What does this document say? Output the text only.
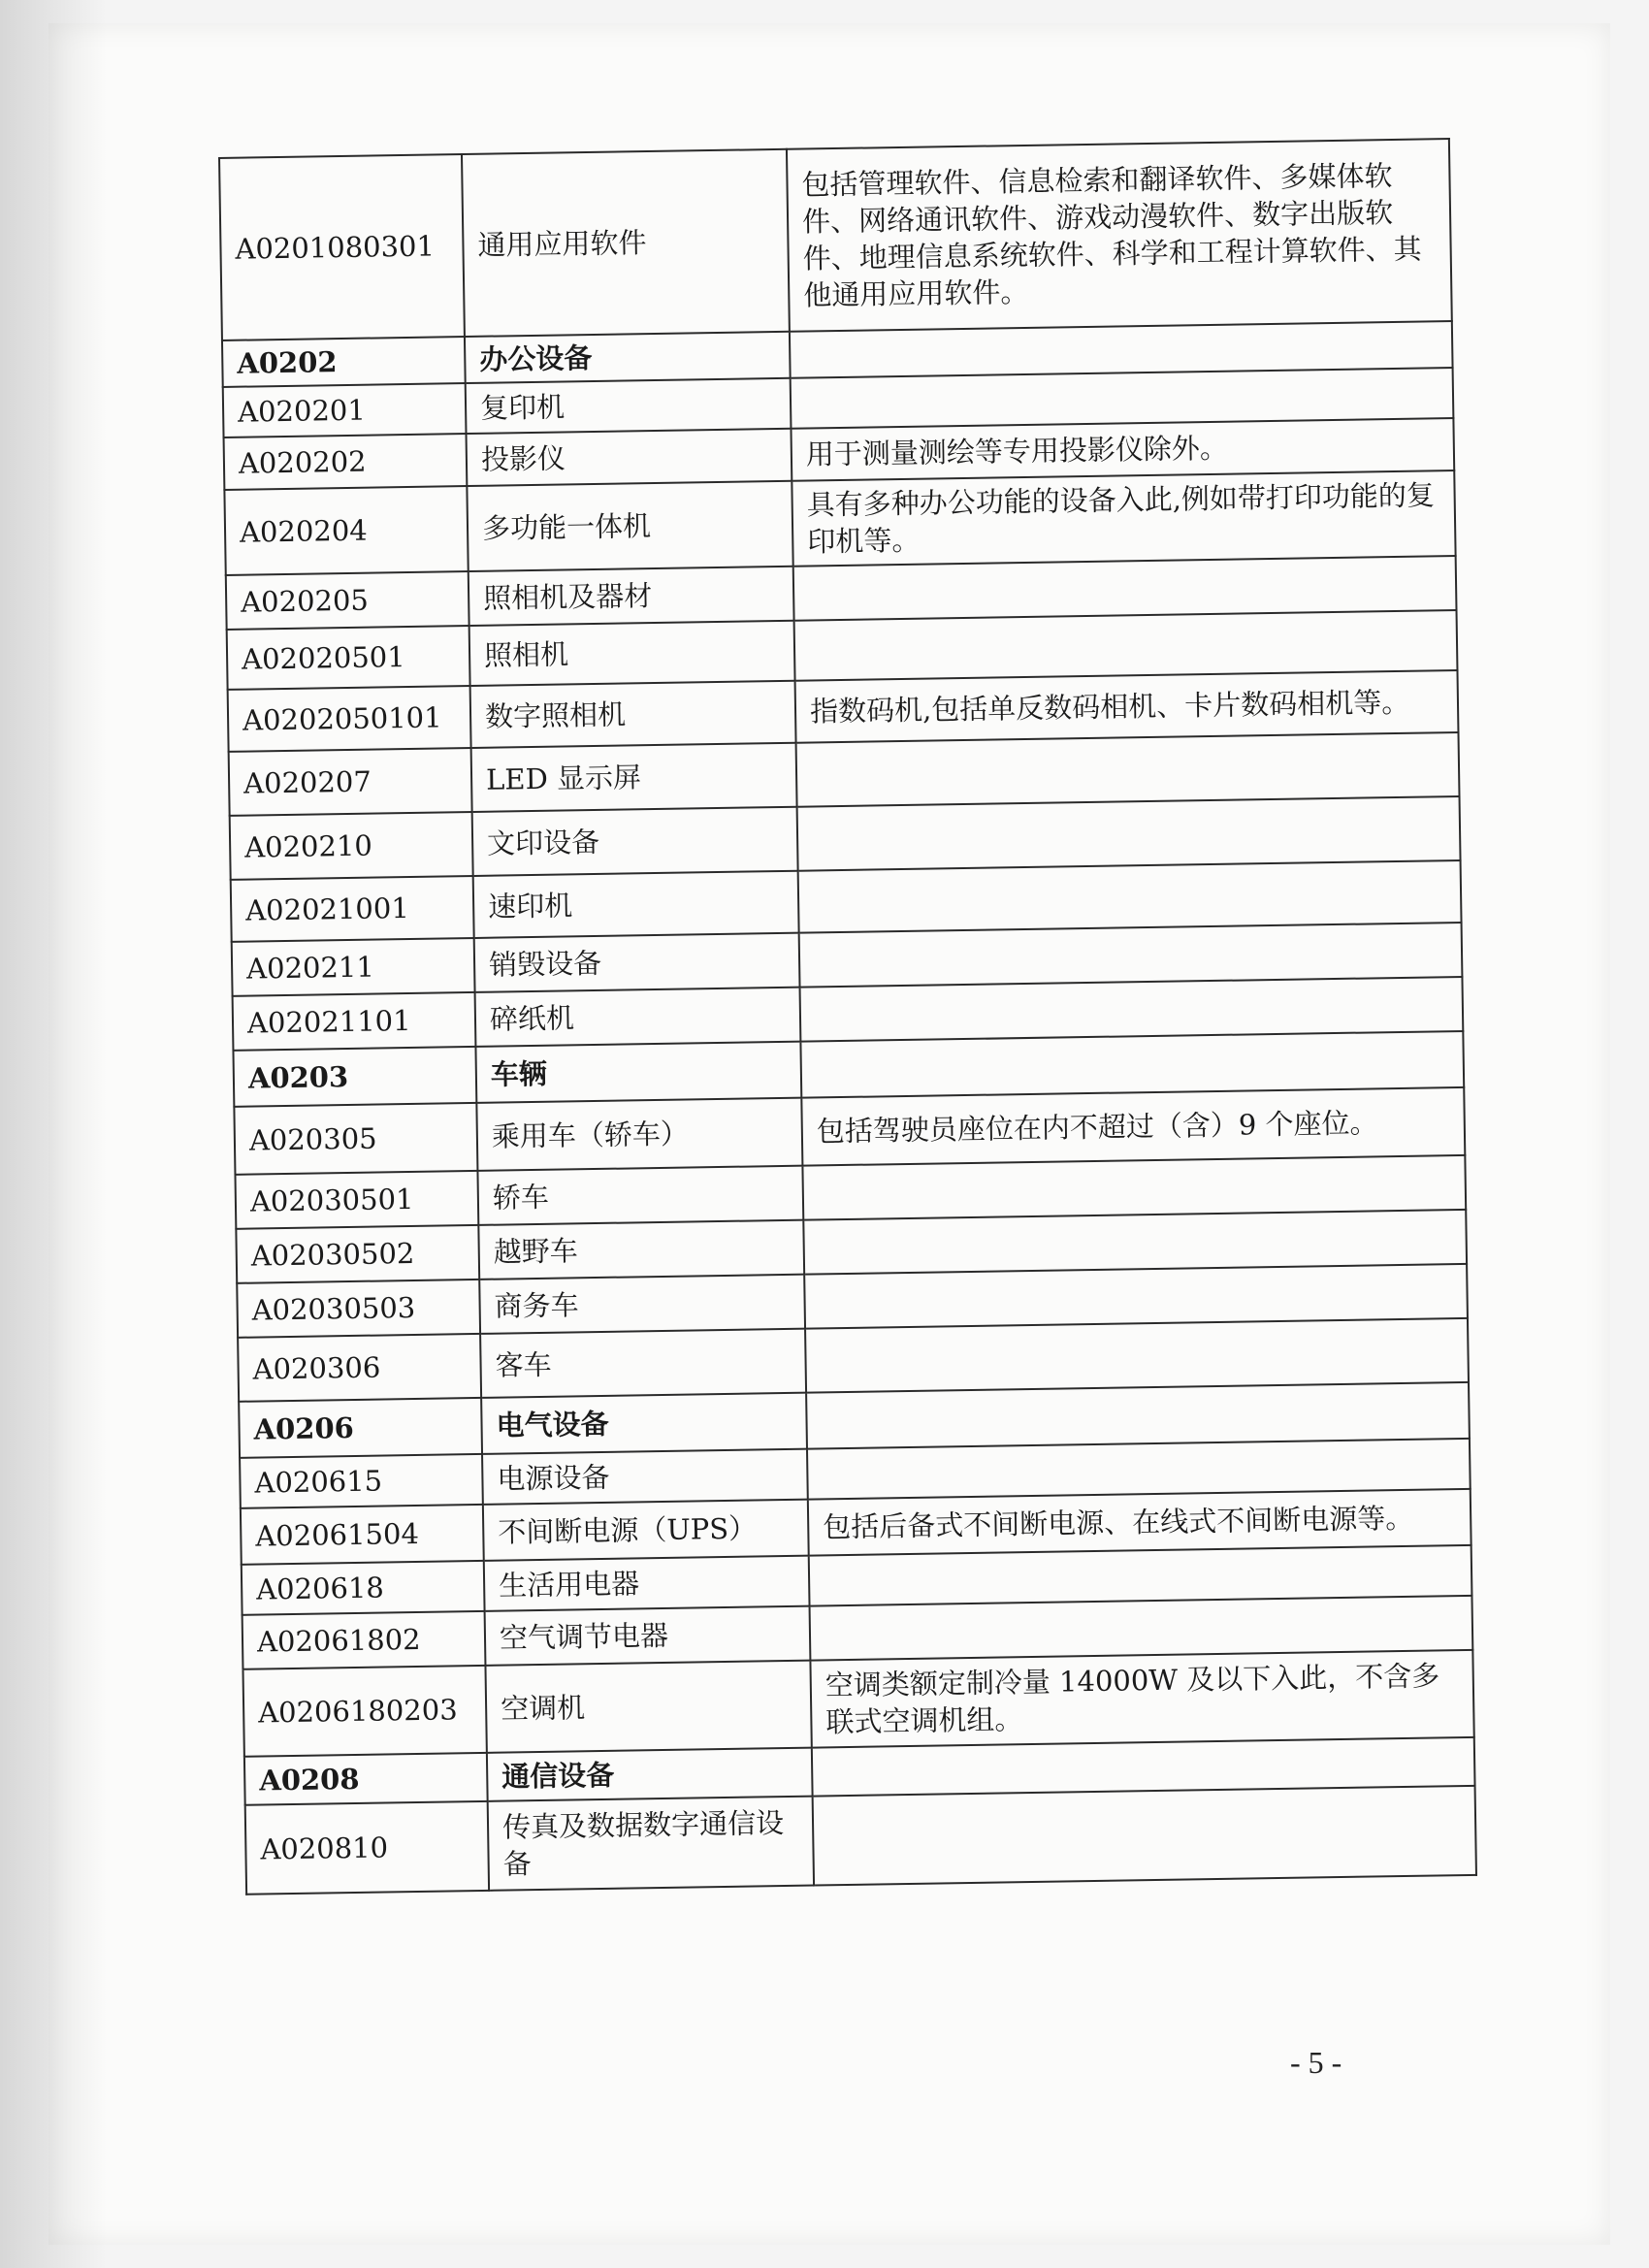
A0201080301	通用应用软件	包括管理软件、信息检索和翻译软件、多媒体软件、网络通讯软件、游戏动漫软件、数字出版软件、地理信息系统软件、科学和工程计算软件、其他通用应用软件。
A0202	办公设备	
A020201	复印机	
A020202	投影仪	用于测量测绘等专用投影仪除外。
A020204	多功能一体机	具有多种办公功能的设备入此,例如带打印功能的复印机等。
A020205	照相机及器材	
A02020501	照相机	
A0202050101	数字照相机	指数码机,包括单反数码相机、卡片数码相机等。
A020207	LED 显示屏	
A020210	文印设备	
A02021001	速印机	
A020211	销毁设备	
A02021101	碎纸机	
A0203	车辆	
A020305	乘用车（轿车）	包括驾驶员座位在内不超过（含）9 个座位。
A02030501	轿车	
A02030502	越野车	
A02030503	商务车	
A020306	客车	
A0206	电气设备	
A020615	电源设备	
A02061504	不间断电源（UPS）	包括后备式不间断电源、在线式不间断电源等。
A020618	生活用电器	
A02061802	空气调节电器	
A0206180203	空调机	空调类额定制冷量 14000W 及以下入此，不含多联式空调机组。
A0208	通信设备	
A020810	传真及数据数字通信设备	
- 5 -
